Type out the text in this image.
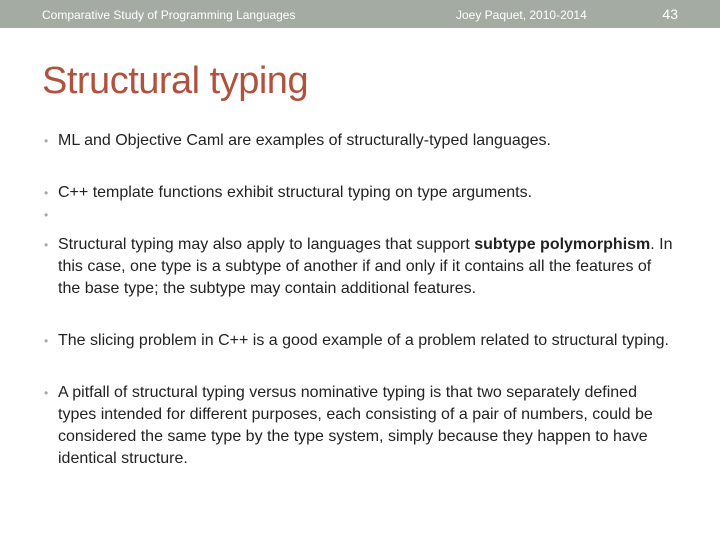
Comparative Study of Programming Languages	Joey Paquet, 2010-2014	43
Structural typing
• ML and Objective Caml are examples of structurally-typed languages.
• C++ template functions exhibit structural typing on type arguments.
•
• Structural typing may also apply to languages that support subtype polymorphism. In this case, one type is a subtype of another if and only if it contains all the features of the base type; the subtype may contain additional features.
• The slicing problem in C++ is a good example of a problem related to structural typing.
• A pitfall of structural typing versus nominative typing is that two separately defined types intended for different purposes, each consisting of a pair of numbers, could be considered the same type by the type system, simply because they happen to have identical structure.
